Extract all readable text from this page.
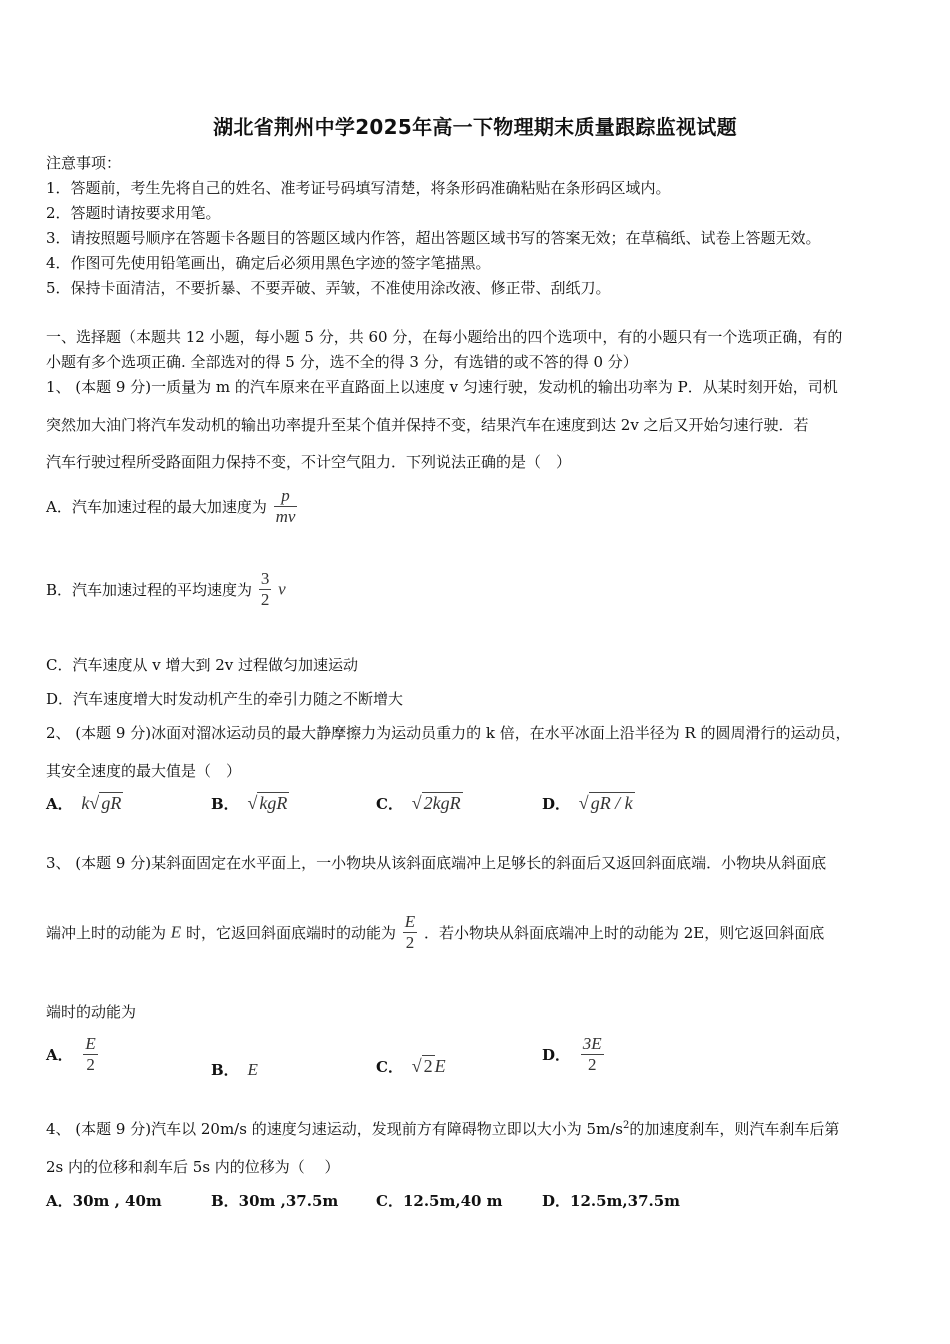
湖北省荆州中学2025年高一下物理期末质量跟踪监视试题
注意事项：
1．答题前，考生先将自己的姓名、准考证号码填写清楚，将条形码准确粘贴在条形码区域内。
2．答题时请按要求用笔。
3．请按照题号顺序在答题卡各题目的答题区域内作答，超出答题区域书写的答案无效；在草稿纸、试卷上答题无效。
4．作图可先使用铅笔画出，确定后必须用黑色字迹的签字笔描黑。
5．保持卡面清洁，不要折暴、不要弄破、弄皱，不准使用涂改液、修正带、刮纸刀。
一、选择题（本题共 12 小题，每小题 5 分，共 60 分，在每小题给出的四个选项中，有的小题只有一个选项正确，有的
小题有多个选项正确. 全部选对的得 5 分，选不全的得 3 分，有选错的或不答的得 0 分）
1、 (本题 9 分)一质量为 m 的汽车原来在平直路面上以速度 v 匀速行驶，发动机的输出功率为 P．从某时刻开始，司机
突然加大油门将汽车发动机的输出功率提升至某个值并保持不变，结果汽车在速度到达 2v 之后又开始匀速行驶．若
汽车行驶过程所受路面阻力保持不变，不计空气阻力．下列说法正确的是（　）
A．汽车加速过程的最大加速度为 $\frac{p}{mv}$
B．汽车加速过程的平均速度为 $\frac{3}{2}$ v
C．汽车速度从 v 增大到 2v 过程做匀加速运动
D．汽车速度增大时发动机产生的牵引力随之不断增大
2、 (本题 9 分)冰面对溜冰运动员的最大静摩擦力为运动员重力的 k 倍，在水平冰面上沿半径为 R 的圆周滑行的运动员，
其安全速度的最大值是（　）
A． k√ gR	B． √ kgR	C． √ 2kgR	D． √ gR / k
3、 (本题 9 分)某斜面固定在水平面上，一小物块从该斜面底端冲上足够长的斜面后又返回斜面底端．小物块从斜面底
端冲上时的动能为 E 时，它返回斜面底端时的动能为 $\frac{E}{2}$ ．若小物块从斜面底端冲上时的动能为 2E，则它返回斜面底
端时的动能为
A． $\frac{E}{2}$	B． E	C． √ 2 E
D． $\frac{3E}{2}$
4、 (本题 9 分)汽车以 20m/s 的速度匀速运动，发现前方有障碍物立即以大小为 $5m/s^2$的加速度刹车，则汽车刹车后第
2s 内的位移和刹车后 5s 内的位移为（　 ）
A．30m , 40m	B．30m ,37.5m	C．12.5m,40 m	D．12.5m,37.5m
